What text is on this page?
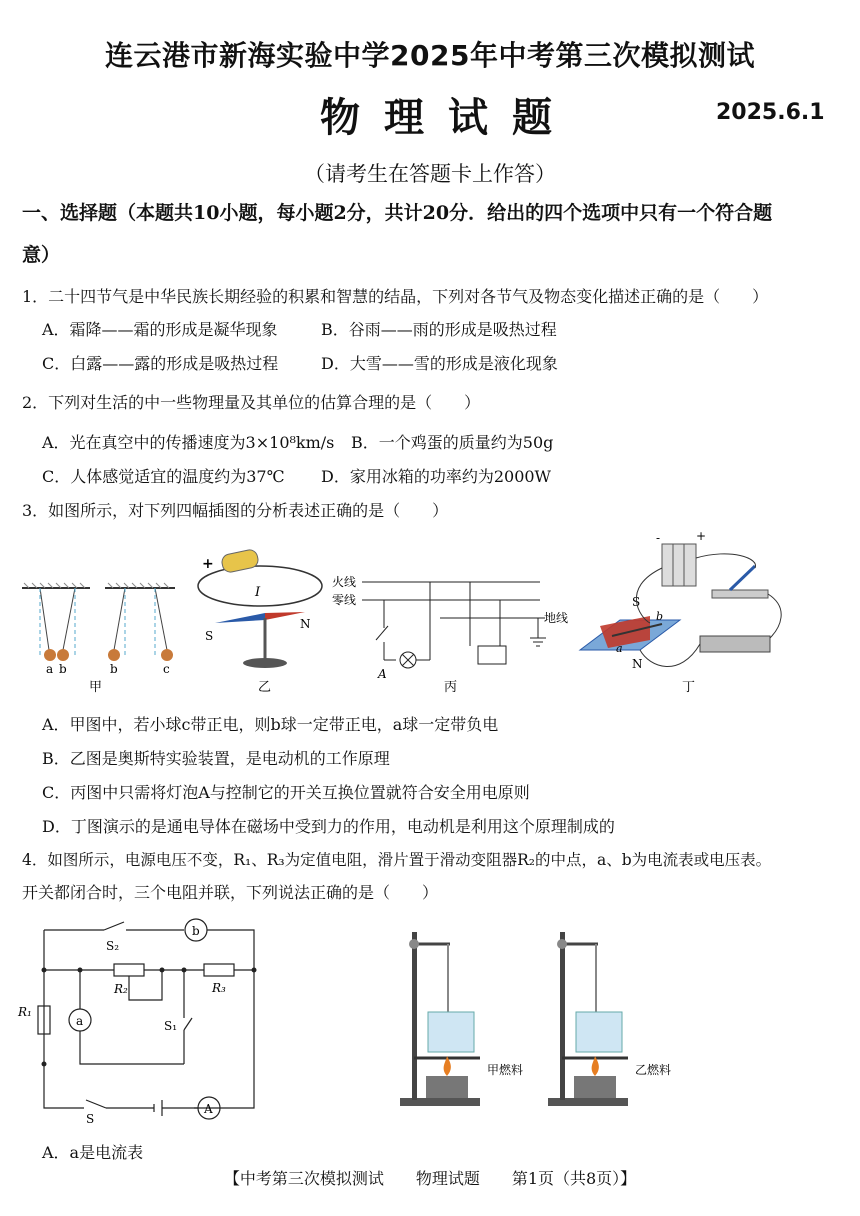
连云港市新海实验中学2025年中考第三次模拟测试
物理试题	2025.6.1
（请考生在答题卡上作答）
一、选择题（本题共10小题，每小题2分，共计20分．给出的四个选项中只有一个符合题
意）
1．二十四节气是中华民族长期经验的积累和智慧的结晶，下列对各节气及物态变化描述正确的是（　　）
A．霜降——霜的形成是凝华现象	B．谷雨——雨的形成是吸热过程
C．白露——露的形成是吸热过程	D．大雪——雪的形成是液化现象
2．下列对生活的中一些物理量及其单位的估算合理的是（　　）
A．光在真空中的传播速度为3×10⁸km/s B．一个鸡蛋的质量约为50g
C．人体感觉适宜的温度约为37℃ D．家用冰箱的功率约为2000W
3．如图所示，对下列四幅插图的分析表述正确的是（　　）
a b	b	c
甲
+
I
S
N
乙
火线
零线
地线
A
丙
-	+
S
N
b
a
丁
A．甲图中，若小球c带正电，则b球一定带正电，a球一定带负电
B．乙图是奥斯特实验装置，是电动机的工作原理
C．丙图中只需将灯泡A与控制它的开关互换位置就符合安全用电原则
D．丁图演示的是通电导体在磁场中受到力的作用，电动机是利用这个原理制成的
4．如图所示，电源电压不变，R₁、R₃为定值电阻，滑片置于滑动变阻器R₂的中点，a、b为电流表或电压表。
开关都闭合时，三个电阻并联，下列说法正确的是（　　）
S₂
b
R₂	R₃
R₁
a	S₁
S
A
甲燃料	乙燃料
A．a是电流表
【中考第三次模拟测试　　物理试题　　第1页（共8页）】
